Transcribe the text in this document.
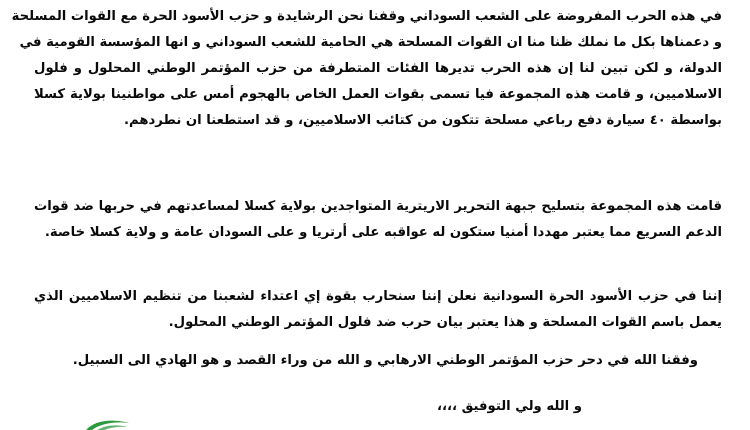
في هذه الحرب المفروضة على الشعب السوداني وقفنا نحن الرشايدة و حزب الأسود الحرة مع القوات المسلحة
و دعمناها بكل ما نملك ظنا منا ان القوات المسلحة هي الحامية للشعب السوداني و انها المؤسسة القومية في
الدولة، و لكن تبين لنا إن هذه الحرب تديرها الفئات المتطرفة من حزب المؤتمر الوطني المحلول و فلول
الاسلاميين، و قامت هذه المجموعة فيا تسمى بقوات العمل الخاص بالهجوم أمس على مواطنينا بولاية كسلا
بواسطة ٤٠ سيارة دفع رباعي مسلحة تتكون من كتائب الاسلاميين، و قد استطعنا ان نطردهم.

قامت هذه المجموعة بتسليح جبهة التحرير الاريترية المتواجدين بولاية كسلا لمساعدتهم في حربها ضد قوات
الدعم السريع مما يعتبر مهددا أمنيا ستكون له عواقبه على أرتريا و على السودان عامة و ولاية كسلا خاصة.

إننا في حزب الأسود الحرة السودانية نعلن إننا سنحارب بقوة إي اعتداء لشعبنا من تنظيم الاسلاميين الذي
يعمل باسم القوات المسلحة و هذا يعتبر بيان حرب ضد فلول المؤتمر الوطني المحلول.

وفقنا الله في دحر حزب المؤتمر الوطني الارهابي و الله من وراء القصد و هو الهادي الى السبيل.

و الله ولي التوفيق ،،،،
